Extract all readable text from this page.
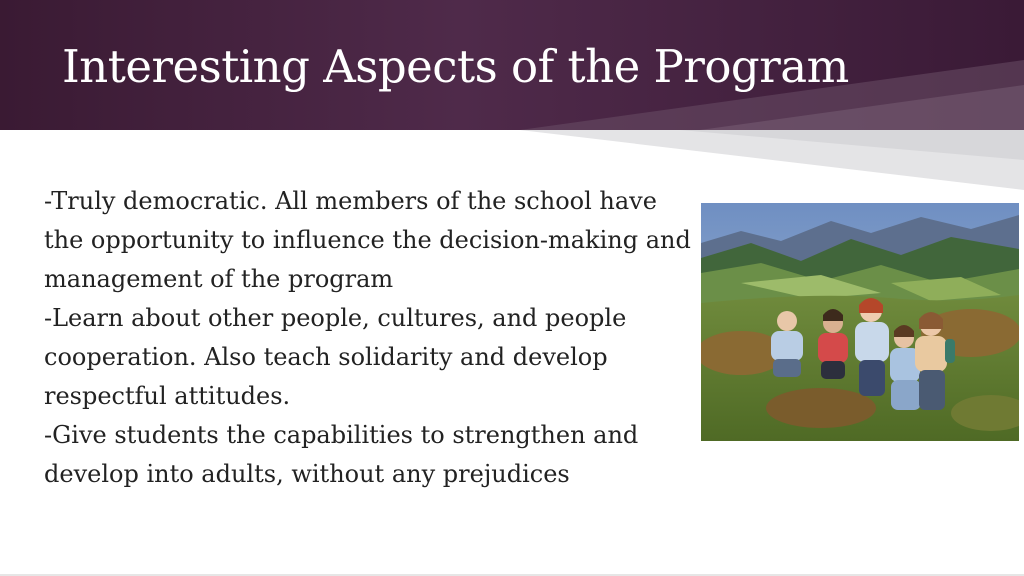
Interesting Aspects of the Program
-Truly democratic. All members of the school have
the opportunity to influence the decision-making and
management of the program
-Learn about other people, cultures, and people
cooperation. Also teach solidarity and develop
respectful attitudes.
-Give students the capabilities to strengthen and
develop into adults, without any prejudices
